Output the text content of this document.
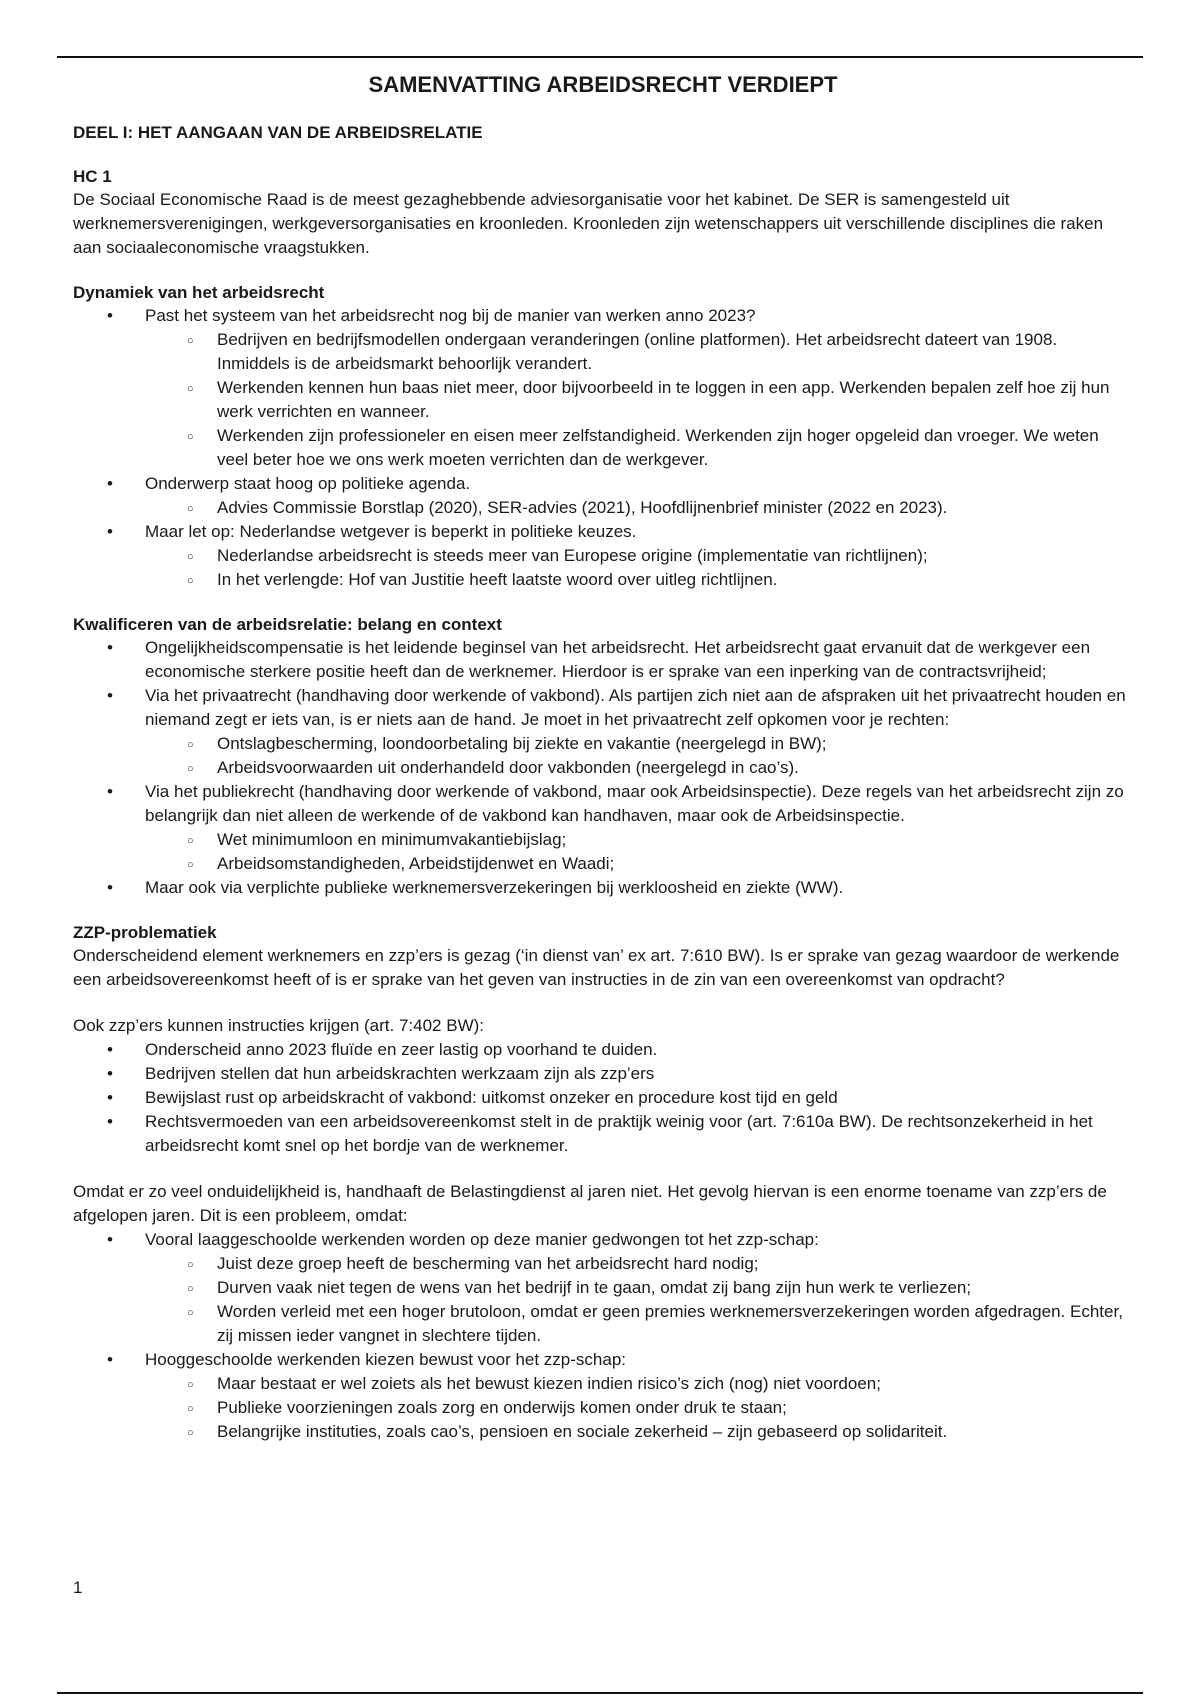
SAMENVATTING ARBEIDSRECHT VERDIEPT
DEEL I: HET AANGAAN VAN DE ARBEIDSRELATIE
HC 1

De Sociaal Economische Raad is de meest gezaghebbende adviesorganisatie voor het kabinet. De SER is samengesteld uit werknemersverenigingen, werkgeversorganisaties en kroonleden. Kroonleden zijn wetenschappers uit verschillende disciplines die raken aan sociaaleconomische vraagstukken.

Dynamiek van het arbeidsrecht
• Past het systeem van het arbeidsrecht nog bij de manier van werken anno 2023?
○ Bedrijven en bedrijfsmodellen ondergaan veranderingen (online platformen). Het arbeidsrecht dateert van 1908. Inmiddels is de arbeidsmarkt behoorlijk verandert.
○ Werkenden kennen hun baas niet meer, door bijvoorbeeld in te loggen in een app. Werkenden bepalen zelf hoe zij hun werk verrichten en wanneer.
○ Werkenden zijn professioneler en eisen meer zelfstandigheid. Werkenden zijn hoger opgeleid dan vroeger. We weten veel beter hoe we ons werk moeten verrichten dan de werkgever.
• Onderwerp staat hoog op politieke agenda.
○ Advies Commissie Borstlap (2020), SER-advies (2021), Hoofdlijnenbrief minister (2022 en 2023).
• Maar let op: Nederlandse wetgever is beperkt in politieke keuzes.
○ Nederlandse arbeidsrecht is steeds meer van Europese origine (implementatie van richtlijnen);
○ In het verlengde: Hof van Justitie heeft laatste woord over uitleg richtlijnen.
Kwalificeren van de arbeidsrelatie: belang en context
• Ongelijkheidscompensatie is het leidende beginsel van het arbeidsrecht. Het arbeidsrecht gaat ervanuit dat de werkgever een economische sterkere positie heeft dan de werknemer. Hierdoor is er sprake van een inperking van de contractsvrijheid;
• Via het privaatrecht (handhaving door werkende of vakbond). Als partijen zich niet aan de afspraken uit het privaatrecht houden en niemand zegt er iets van, is er niets aan de hand. Je moet in het privaatrecht zelf opkomen voor je rechten:
○ Ontslagbescherming, loondoorbetaling bij ziekte en vakantie (neergelegd in BW);
○ Arbeidsvoorwaarden uit onderhandeld door vakbonden (neergelegd in cao’s).
• Via het publiekrecht (handhaving door werkende of vakbond, maar ook Arbeidsinspectie). Deze regels van het arbeidsrecht zijn zo belangrijk dan niet alleen de werkende of de vakbond kan handhaven, maar ook de Arbeidsinspectie.
○ Wet minimumloon en minimumvakantiebijslag;
○ Arbeidsomstandigheden, Arbeidstijdenwet en Waadi;
• Maar ook via verplichte publieke werknemersverzekeringen bij werkloosheid en ziekte (WW).
ZZP-problematiek

Onderscheidend element werknemers en zzp’ers is gezag (‘in dienst van’ ex art. 7:610 BW). Is er sprake van gezag waardoor de werkende een arbeidsovereenkomst heeft of is er sprake van het geven van instructies in de zin van een overeenkomst van opdracht?

Ook zzp’ers kunnen instructies krijgen (art. 7:402 BW):

• Onderscheid anno 2023 fluïde en zeer lastig op voorhand te duiden.
• Bedrijven stellen dat hun arbeidskrachten werkzaam zijn als zzp’ers
• Bewijslast rust op arbeidskracht of vakbond: uitkomst onzeker en procedure kost tijd en geld
• Rechtsvermoeden van een arbeidsovereenkomst stelt in de praktijk weinig voor (art. 7:610a BW). De rechtsonzekerheid in het arbeidsrecht komt snel op het bordje van de werknemer.

Omdat er zo veel onduidelijkheid is, handhaaft de Belastingdienst al jaren niet. Het gevolg hiervan is een enorme toename van zzp’ers de afgelopen jaren. Dit is een probleem, omdat:

• Vooral laaggeschoolde werkenden worden op deze manier gedwongen tot het zzp-schap:
○ Juist deze groep heeft de bescherming van het arbeidsrecht hard nodig;
○ Durven vaak niet tegen de wens van het bedrijf in te gaan, omdat zij bang zijn hun werk te verliezen;
○ Worden verleid met een hoger brutoloon, omdat er geen premies werknemersverzekeringen worden afgedragen. Echter, zij missen ieder vangnet in slechtere tijden.
• Hooggeschoolde werkenden kiezen bewust voor het zzp-schap:
○ Maar bestaat er wel zoiets als het bewust kiezen indien risico’s zich (nog) niet voordoen;
○ Publieke voorzieningen zoals zorg en onderwijs komen onder druk te staan;
○ Belangrijke instituties, zoals cao’s, pensioen en sociale zekerheid – zijn gebaseerd op solidariteit.
1
